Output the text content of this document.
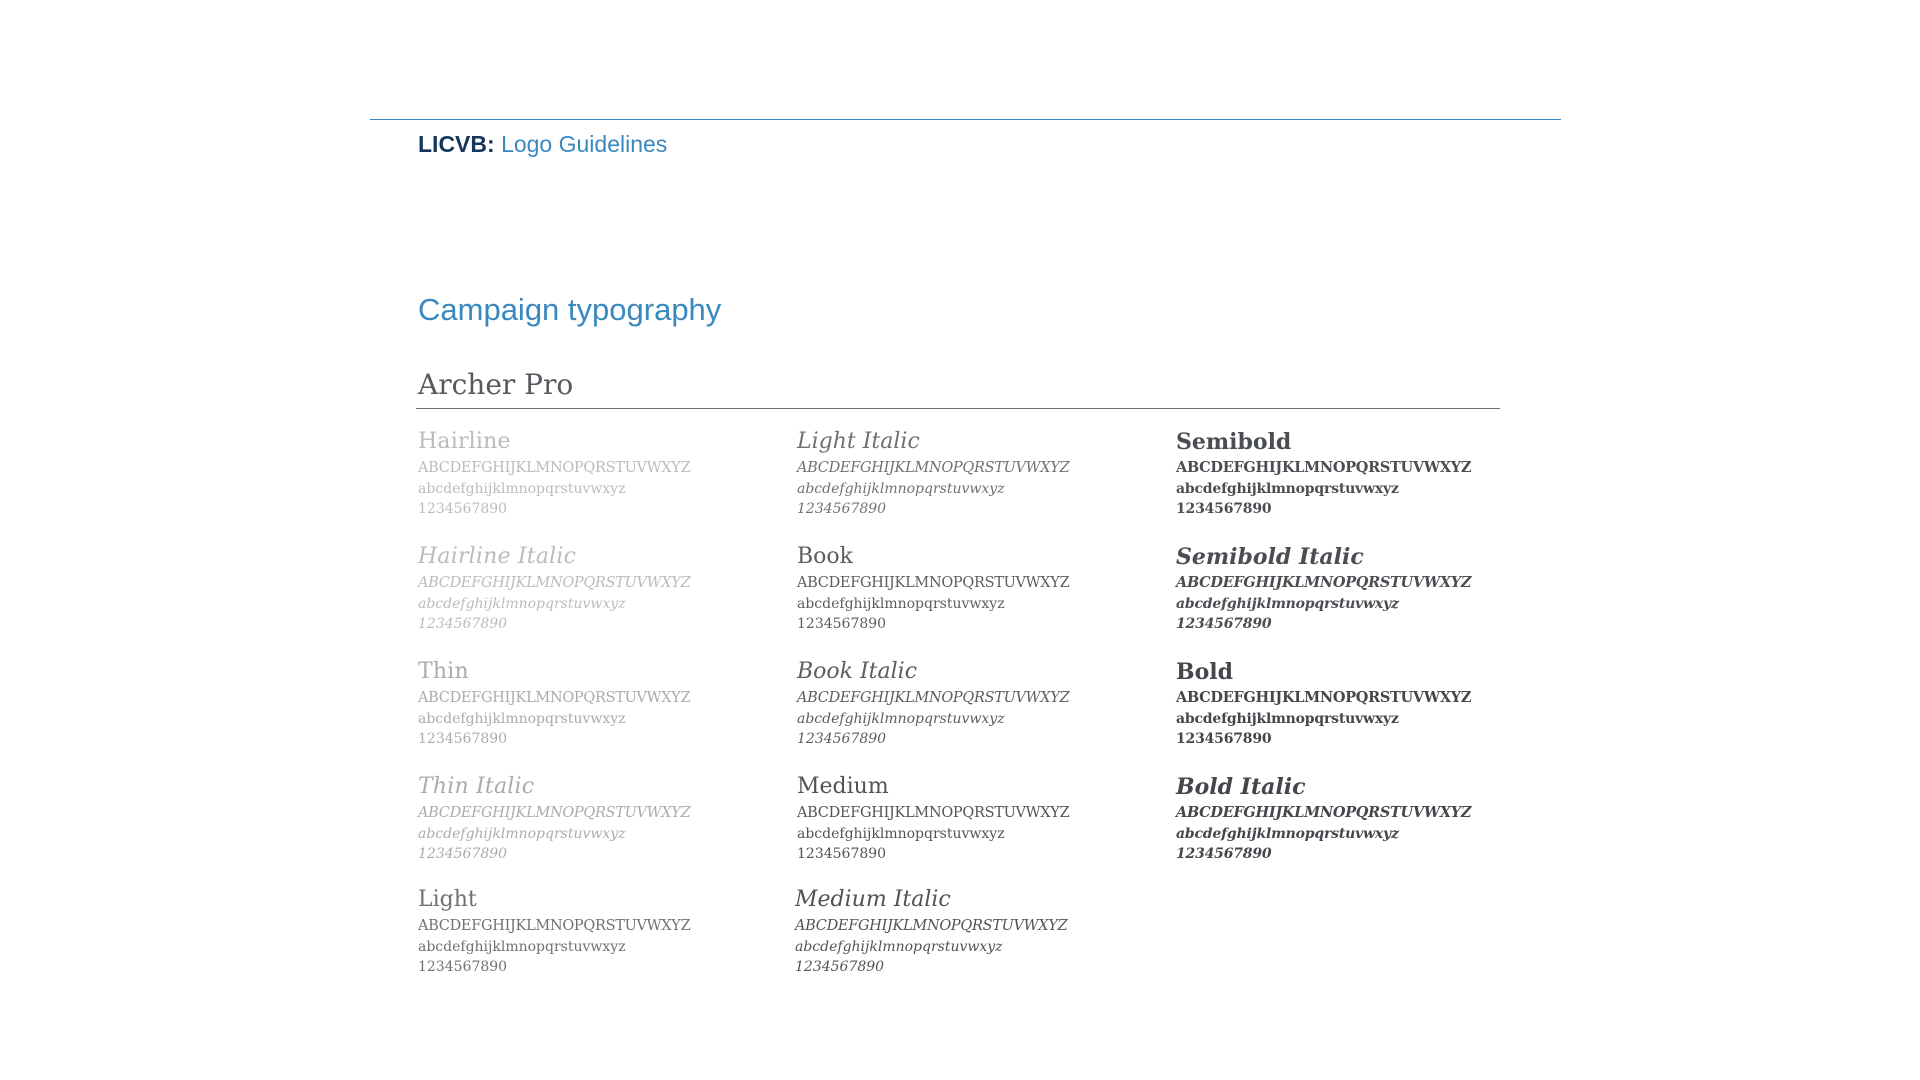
LICVB: Logo Guidelines
Campaign typography
Archer Pro
Hairline
ABCDEFGHIJKLMNOPQRSTUVWXYZ
abcdefghijklmnopqrstuvwxyz
1234567890
Hairline Italic
ABCDEFGHIJKLMNOPQRSTUVWXYZ
abcdefghijklmnopqrstuvwxyz
1234567890
Thin
ABCDEFGHIJKLMNOPQRSTUVWXYZ
abcdefghijklmnopqrstuvwxyz
1234567890
Thin Italic
ABCDEFGHIJKLMNOPQRSTUVWXYZ
abcdefghijklmnopqrstuvwxyz
1234567890
Light
ABCDEFGHIJKLMNOPQRSTUVWXYZ
abcdefghijklmnopqrstuvwxyz
1234567890
Light Italic
ABCDEFGHIJKLMNOPQRSTUVWXYZ
abcdefghijklmnopqrstuvwxyz
1234567890
Book
ABCDEFGHIJKLMNOPQRSTUVWXYZ
abcdefghijklmnopqrstuvwxyz
1234567890
Book Italic
ABCDEFGHIJKLMNOPQRSTUVWXYZ
abcdefghijklmnopqrstuvwxyz
1234567890
Medium
ABCDEFGHIJKLMNOPQRSTUVWXYZ
abcdefghijklmnopqrstuvwxyz
1234567890
Medium Italic
ABCDEFGHIJKLMNOPQRSTUVWXYZ
abcdefghijklmnopqrstuvwxyz
1234567890
Semibold
ABCDEFGHIJKLMNOPQRSTUVWXYZ
abcdefghijklmnopqrstuvwxyz
1234567890
Semibold Italic
ABCDEFGHIJKLMNOPQRSTUVWXYZ
abcdefghijklmnopqrstuvwxyz
1234567890
Bold
ABCDEFGHIJKLMNOPQRSTUVWXYZ
abcdefghijklmnopqrstuvwxyz
1234567890
Bold Italic
ABCDEFGHIJKLMNOPQRSTUVWXYZ
abcdefghijklmnopqrstuvwxyz
1234567890
